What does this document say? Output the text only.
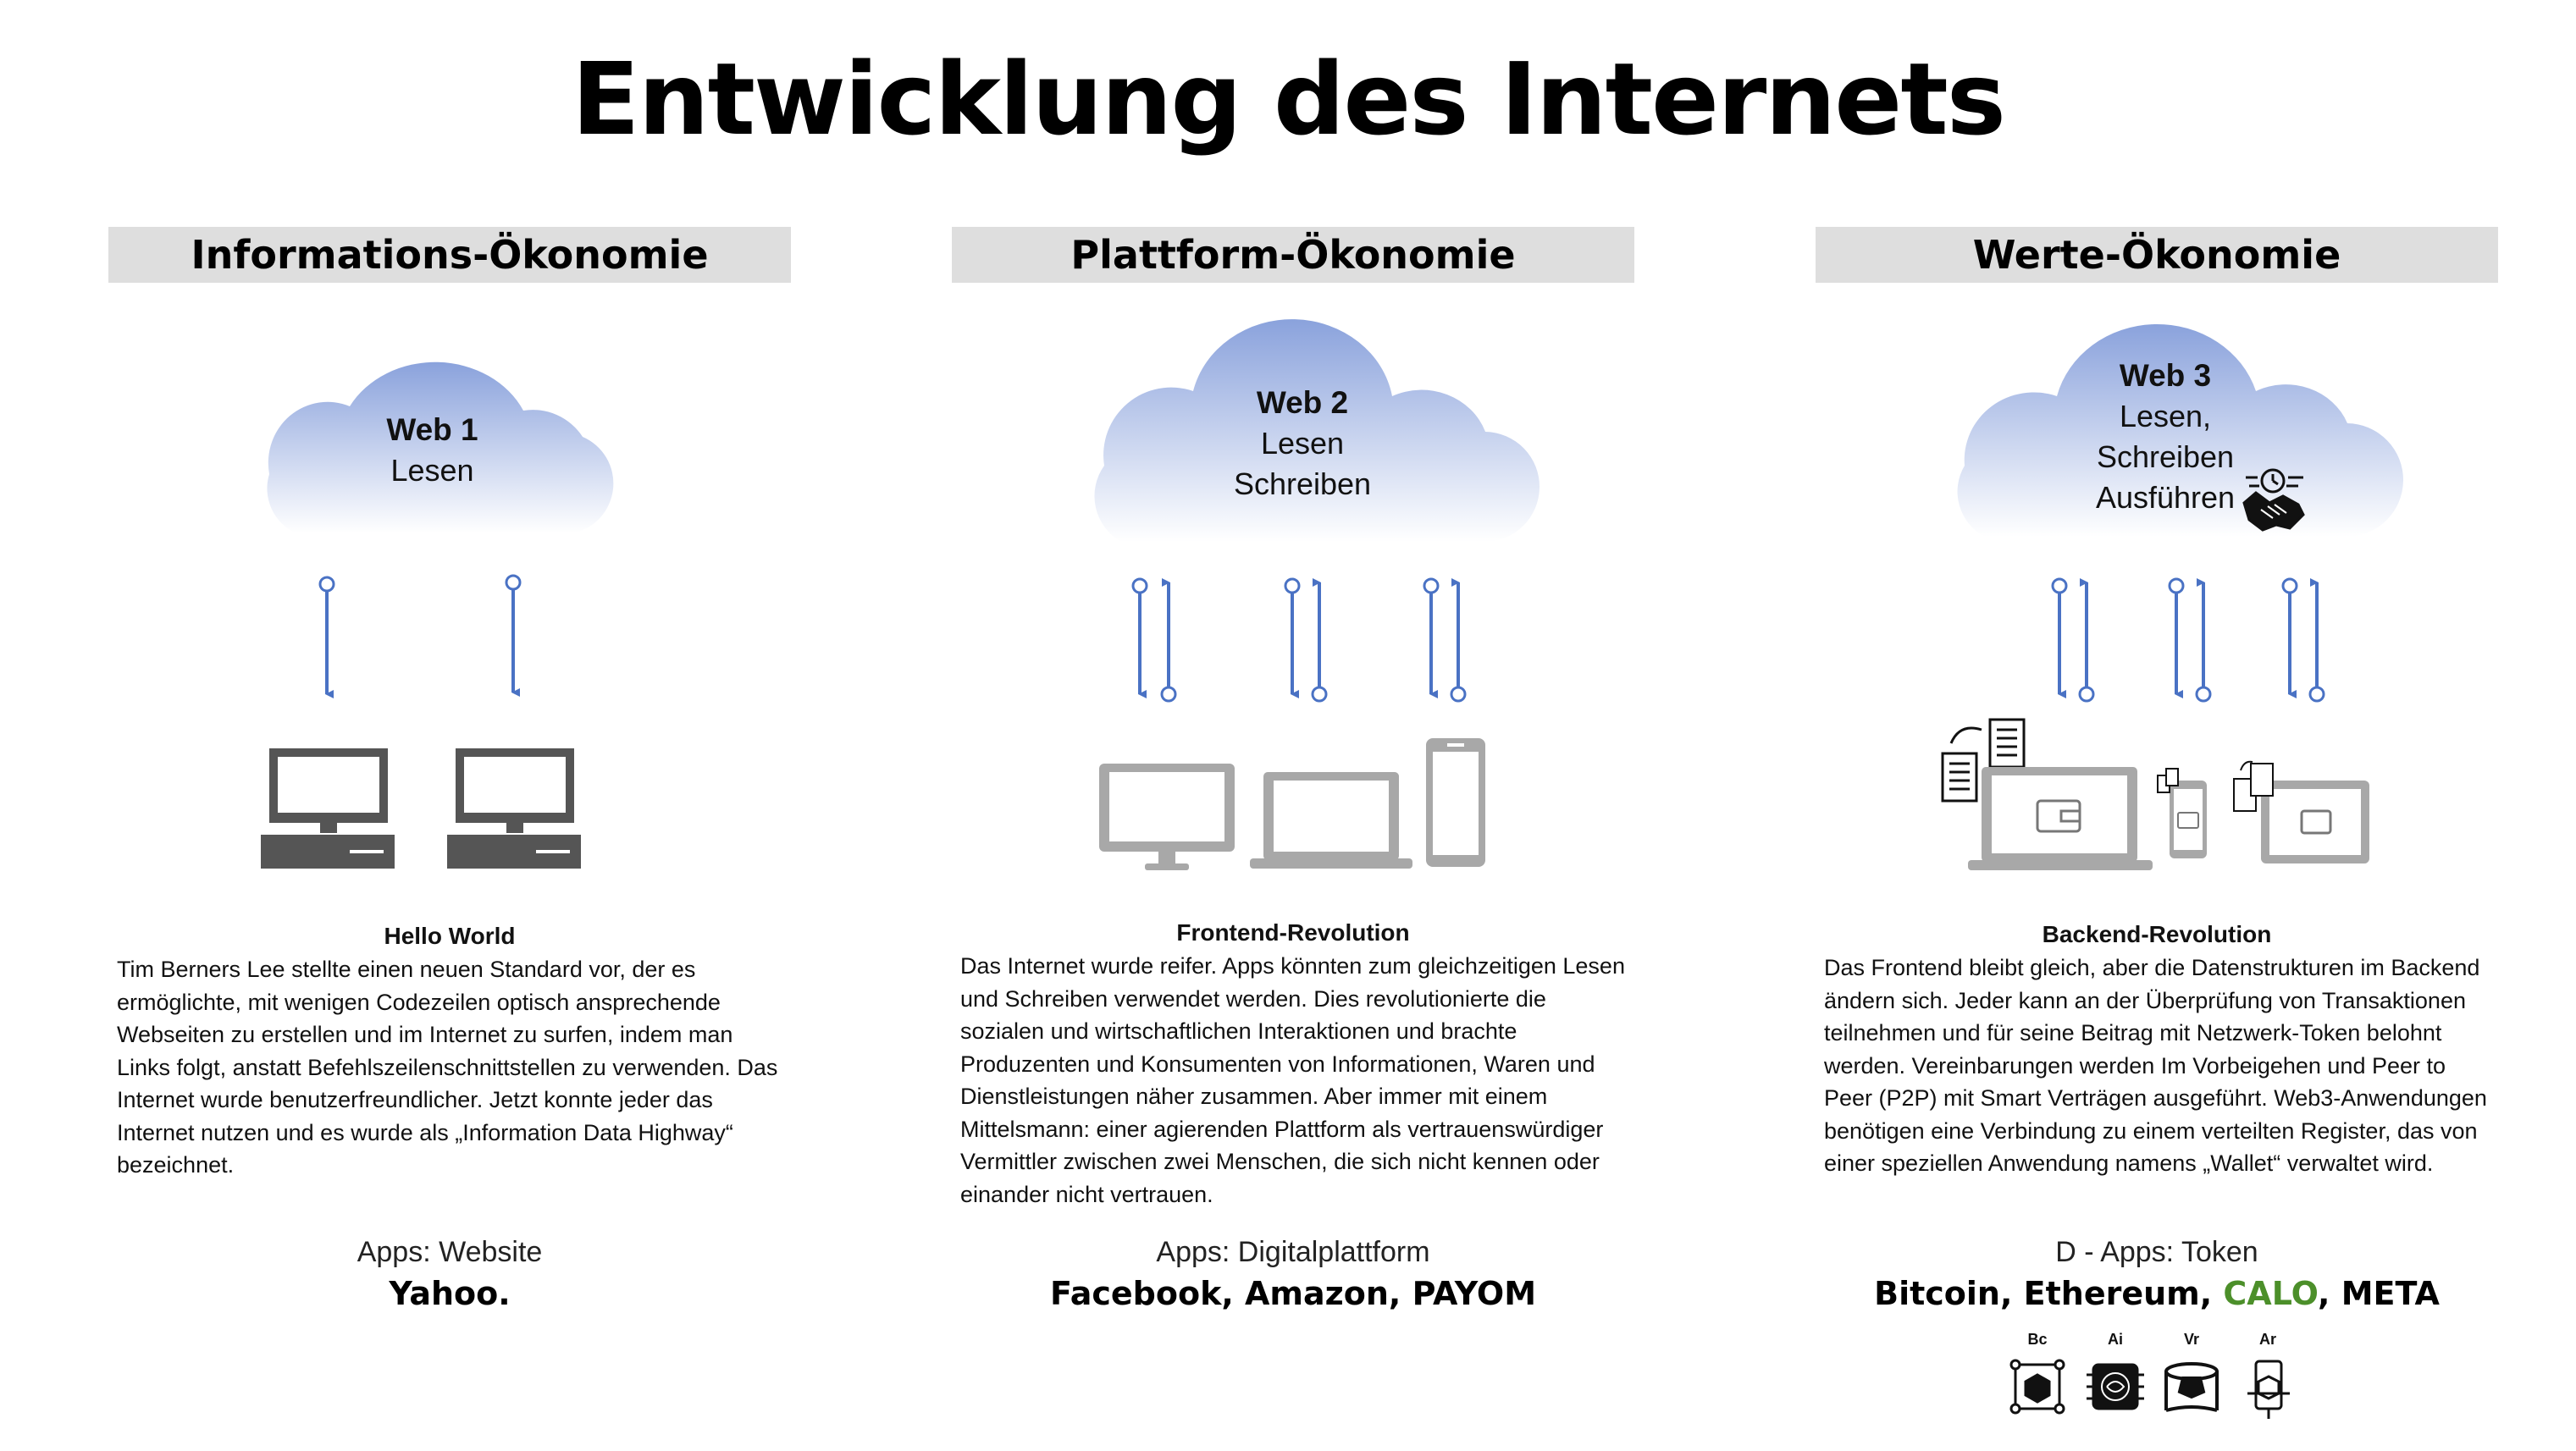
Entwicklung des Internets
Informations-Ökonomie
Web 1
Lesen
Hello World
Tim Berners Lee stellte einen neuen Standard vor, der es ermöglichte, mit wenigen Codezeilen optisch ansprechende Webseiten zu erstellen und im Internet zu surfen, indem man Links folgt, anstatt Befehlszeilenschnittstellen zu verwenden. Das Internet wurde benutzerfreundlicher. Jetzt konnte jeder das Internet nutzen und es wurde als „Information Data Highway“ bezeichnet.
Apps: Website
Yahoo.
Plattform-Ökonomie
Web 2
Lesen
Schreiben
Frontend-Revolution
Das Internet wurde reifer. Apps könnten zum gleichzeitigen Lesen und Schreiben verwendet werden. Dies revolutionierte die sozialen und wirtschaftlichen Interaktionen und brachte Produzenten und Konsumenten von Informationen, Waren und Dienstleistungen näher zusammen. Aber immer mit einem Mittelsmann: einer agierenden Plattform als vertrauenswürdiger Vermittler zwischen zwei Menschen, die sich nicht kennen oder einander nicht vertrauen.
Apps: Digitalplattform
Facebook, Amazon, PAYOM
Werte-Ökonomie
Web 3
Lesen,
Schreiben
Ausführen
Backend-Revolution
Das Frontend bleibt gleich, aber die Datenstrukturen im Backend ändern sich. Jeder kann an der Überprüfung von Transaktionen teilnehmen und für seine Beitrag mit Netzwerk-Token belohnt werden. Vereinbarungen werden Im Vorbeigehen und Peer to Peer (P2P) mit Smart Verträgen ausgeführt. Web3-Anwendungen benötigen eine Verbindung zu einem verteilten Register, das von einer speziellen Anwendung namens „Wallet“ verwaltet wird.
D - Apps: Token
Bitcoin, Ethereum, CALO, META
Bc	Ai	Vr	Ar
